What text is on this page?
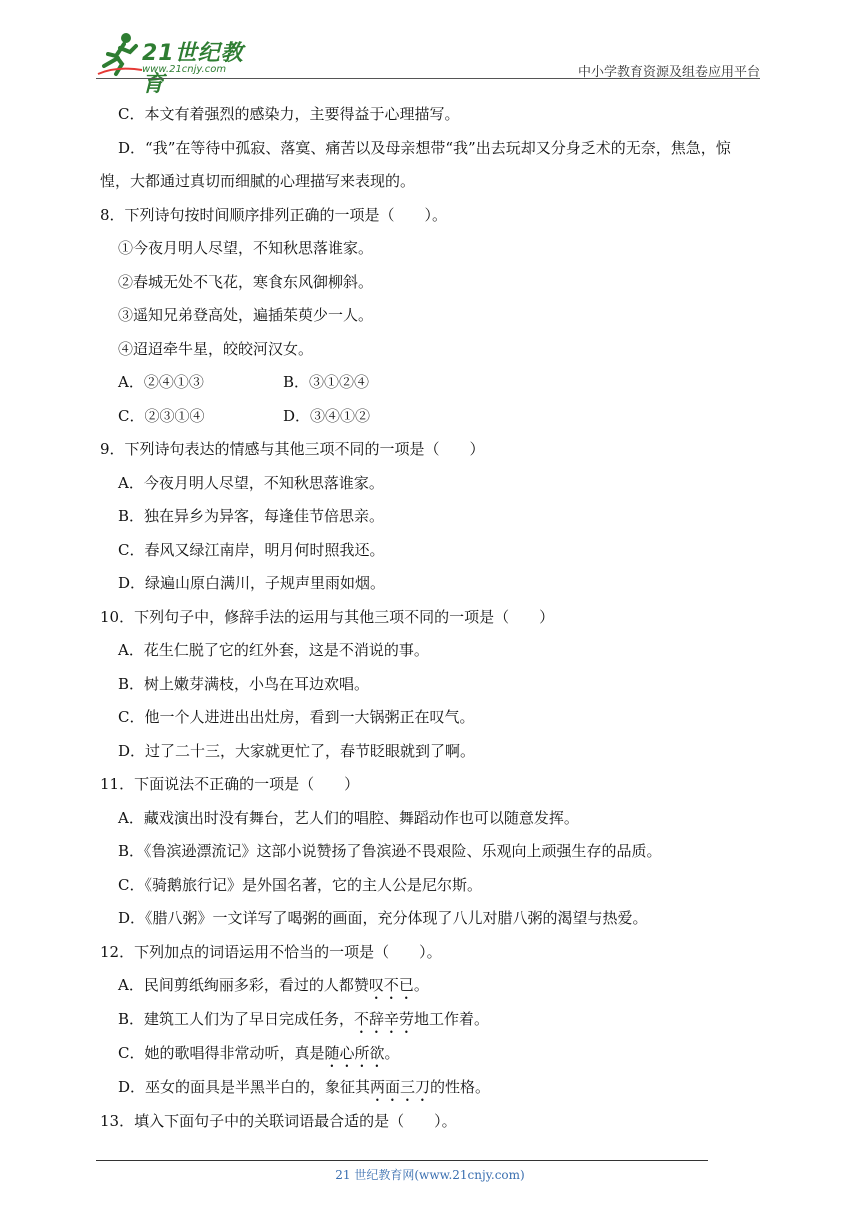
21世纪教育
www.21cnjy.com	中小学教育资源及组卷应用平台
C．本文有着强烈的感染力，主要得益于心理描写。
D．“我”在等待中孤寂、落寞、痛苦以及母亲想带“我”出去玩却又分身乏术的无奈，焦急，惊
惶，大都通过真切而细腻的心理描写来表现的。
8．下列诗句按时间顺序排列正确的一项是（　　）。
①今夜月明人尽望，不知秋思落谁家。
②春城无处不飞花，寒食东风御柳斜。
③遥知兄弟登高处，遍插茱萸少一人。
④迢迢牵牛星，皎皎河汉女。
A．②④①③	B．③①②④
C．②③①④	D．③④①②
9．下列诗句表达的情感与其他三项不同的一项是（　　）
A．今夜月明人尽望，不知秋思落谁家。
B．独在异乡为异客，每逢佳节倍思亲。
C．春风又绿江南岸，明月何时照我还。
D．绿遍山原白满川，子规声里雨如烟。
10．下列句子中，修辞手法的运用与其他三项不同的一项是（　　）
A．花生仁脱了它的红外套，这是不消说的事。
B．树上嫩芽满枝，小鸟在耳边欢唱。
C．他一个人进进出出灶房，看到一大锅粥正在叹气。
D．过了二十三，大家就更忙了，春节眨眼就到了啊。
11．下面说法不正确的一项是（　　）
A．藏戏演出时没有舞台，艺人们的唱腔、舞蹈动作也可以随意发挥。
B．《鲁滨逊漂流记》这部小说赞扬了鲁滨逊不畏艰险、乐观向上顽强生存的品质。
C．《骑鹅旅行记》是外国名著，它的主人公是尼尔斯。
D．《腊八粥》一文详写了喝粥的画面，充分体现了八儿对腊八粥的渴望与热爱。
12．下列加点的词语运用不恰当的一项是（　　）。
A．民间剪纸绚丽多彩，看过的人都赞叹不已。
B．建筑工人们为了早日完成任务，不辞辛劳地工作着。
C．她的歌唱得非常动听，真是随心所欲。
D．巫女的面具是半黑半白的，象征其两面三刀的性格。
13．填入下面句子中的关联词语最合适的是（　　）。
21 世纪教育网(www.21cnjy.com)
